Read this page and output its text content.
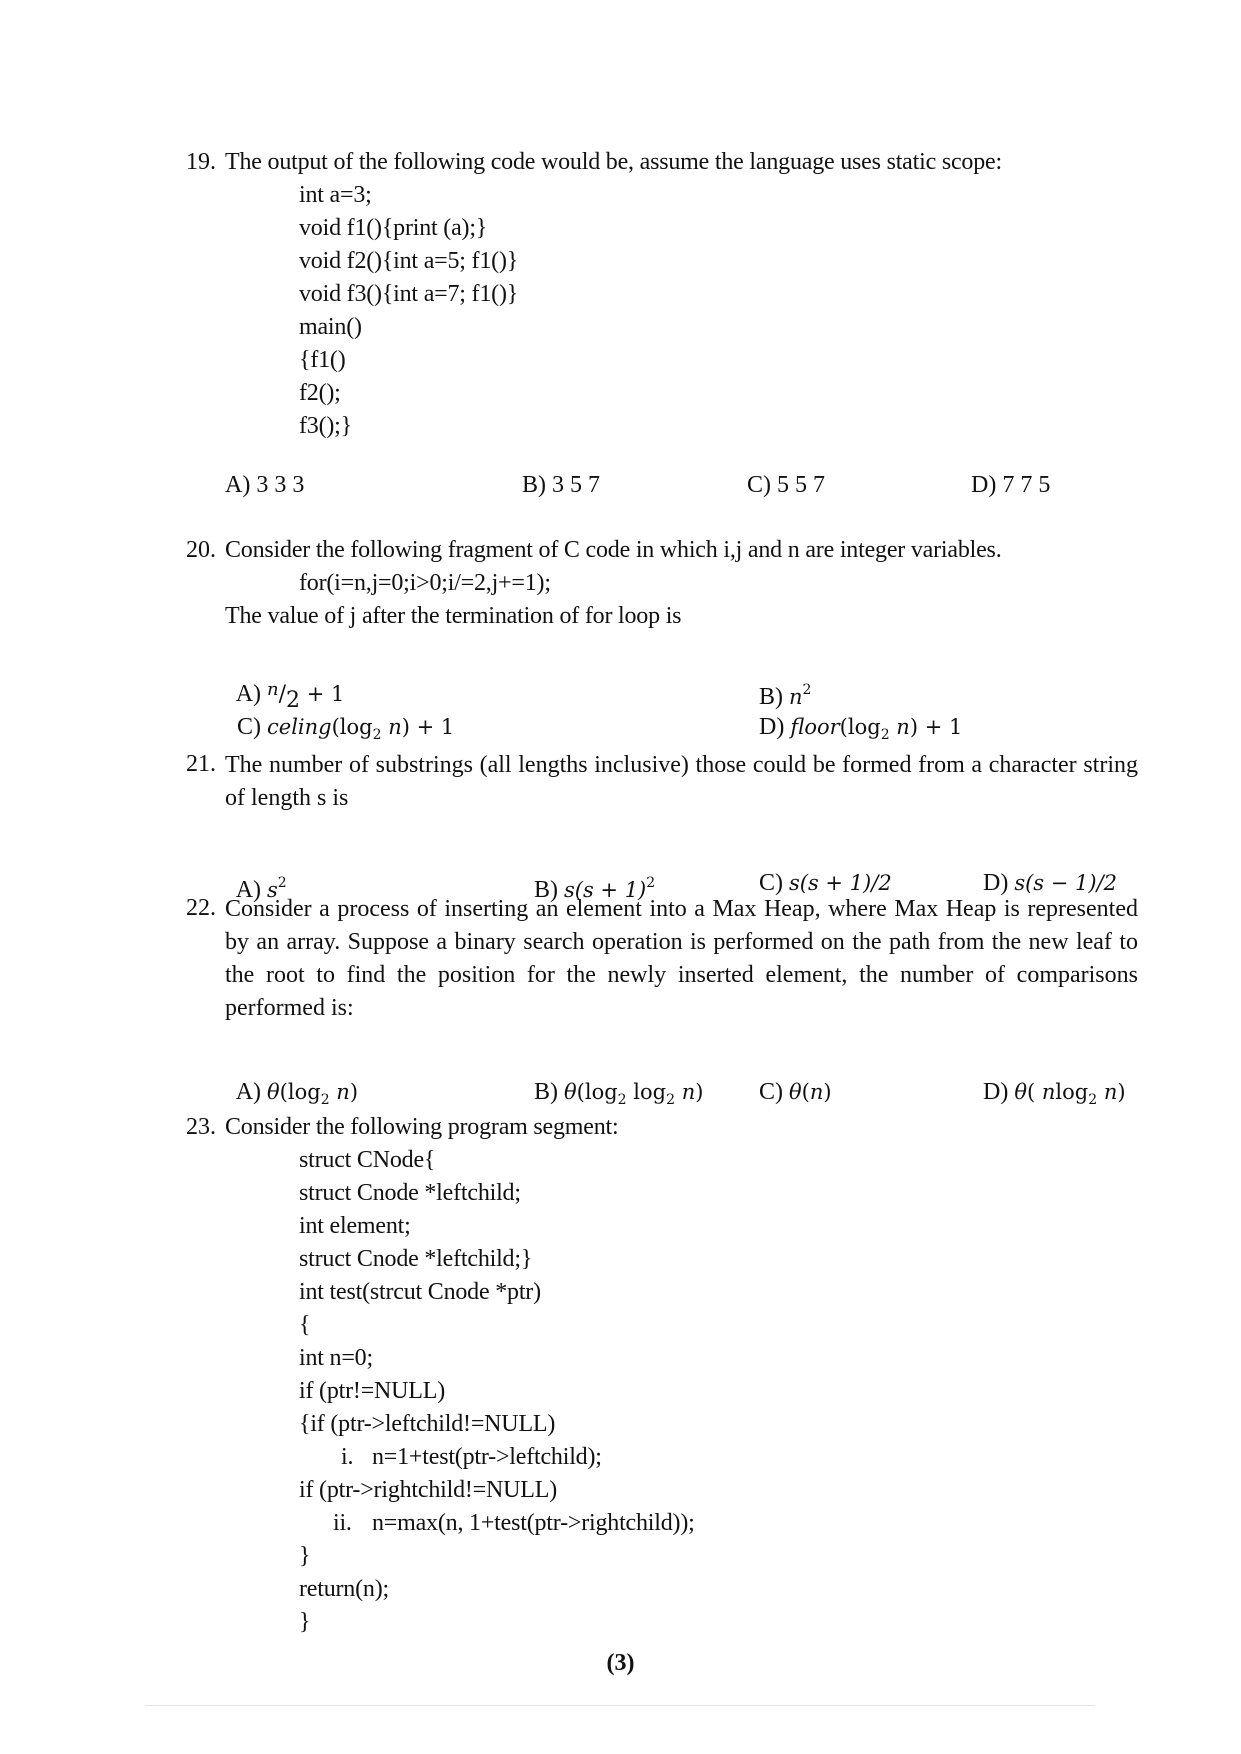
19. The output of the following code would be, assume the language uses static scope:
int a=3;
void f1(){print (a);}
void f2(){int a=5; f1()}
void f3(){int a=7; f1()}
main()
{f1()
f2();
f3();}
A) 3 3 3	B) 3 5 7	C) 5 5 7	D) 7 7 5
20. Consider the following fragment of C code in which i,j and n are integer variables.
for(i=n,j=0;i>0;i/=2,j+=1);
The value of j after the termination of for loop is

A) n/2 + 1	B) $n^2$

C) $celing(\log_2$ n) + 1	D) $floor(\log_2$ n) + 1

21. The number of substrings (all lengths inclusive) those could be formed from a character string of length s is

A) $s^2$	B) $s(s + 1)^2$	C) s(s + 1)/2	D) s(s − 1)/2

22. Consider a process of inserting an element into a Max Heap, where Max Heap is represented by an array. Suppose a binary search operation is performed on the path from the new leaf to the root to find the position for the newly inserted element, the number of comparisons performed is:

A) $\theta(\log_2$ n)	B) $\theta(\log_2$ $\log_2 n$)	C) θ(n)	D) θ( nlog$_2$ n)

23. Consider the following program segment:
struct CNode{
struct Cnode *leftchild;
int element;
struct Cnode *leftchild;}
int test(strcut Cnode *ptr)
{
int n=0;
if (ptr!=NULL)
{if (ptr->leftchild!=NULL)
i. n=1+test(ptr->leftchild);
if (ptr->rightchild!=NULL)
ii. n=max(n, 1+test(ptr->rightchild));
}
return(n);
}
(3)
